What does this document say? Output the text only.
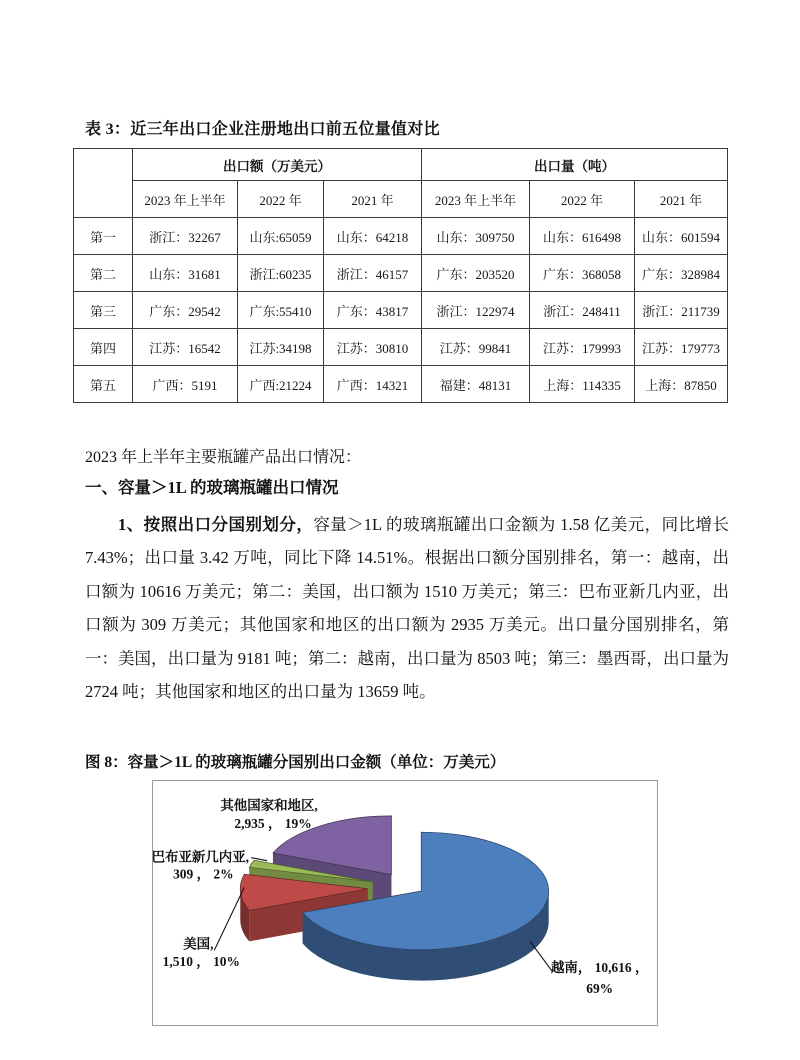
表 3：近三年出口企业注册地出口前五位量值对比
	出口额（万美元）			出口量（吨）		
	2023 年上半年	2022 年	2021 年	2023 年上半年	2022 年	2021 年
第一	浙江：32267	山东:65059	山东：64218	山东：309750	山东：616498	山东：601594
第二	山东：31681	浙江:60235	浙江：46157	广东：203520	广东：368058	广东：328984
第三	广东：29542	广东:55410	广东：43817	浙江：122974	浙江：248411	浙江：211739
第四	江苏：16542	江苏:34198	江苏：30810	江苏：99841	江苏：179993	江苏：179773
第五	广西：5191	广西:21224	广西：14321	福建：48131	上海：114335	上海：87850
2023 年上半年主要瓶罐产品出口情况：
一、容量＞1L 的玻璃瓶罐出口情况
1、按照出口分国别划分，容量＞1L 的玻璃瓶罐出口金额为 1.58 亿美元，同比增长 7.43%；出口量 3.42 万吨，同比下降 14.51%。根据出口额分国别排名，第一：越南，出口额为 10616 万美元；第二：美国，出口额为 1510 万美元；第三：巴布亚新几内亚，出口额为 309 万美元；其他国家和地区的出口额为 2935 万美元。出口量分国别排名，第一：美国，出口量为 9181 吨；第二：越南，出口量为 8503 吨；第三：墨西哥，出口量为 2724 吨；其他国家和地区的出口量为 13659 吨。
图 8：容量＞1L 的玻璃瓶罐分国别出口金额（单位：万美元）
越南， 10,616 ，
69%
美国,
1,510 ， 10%
巴布亚新几内亚,
309 ， 2%
其他国家和地区,
2,935 ， 19%
